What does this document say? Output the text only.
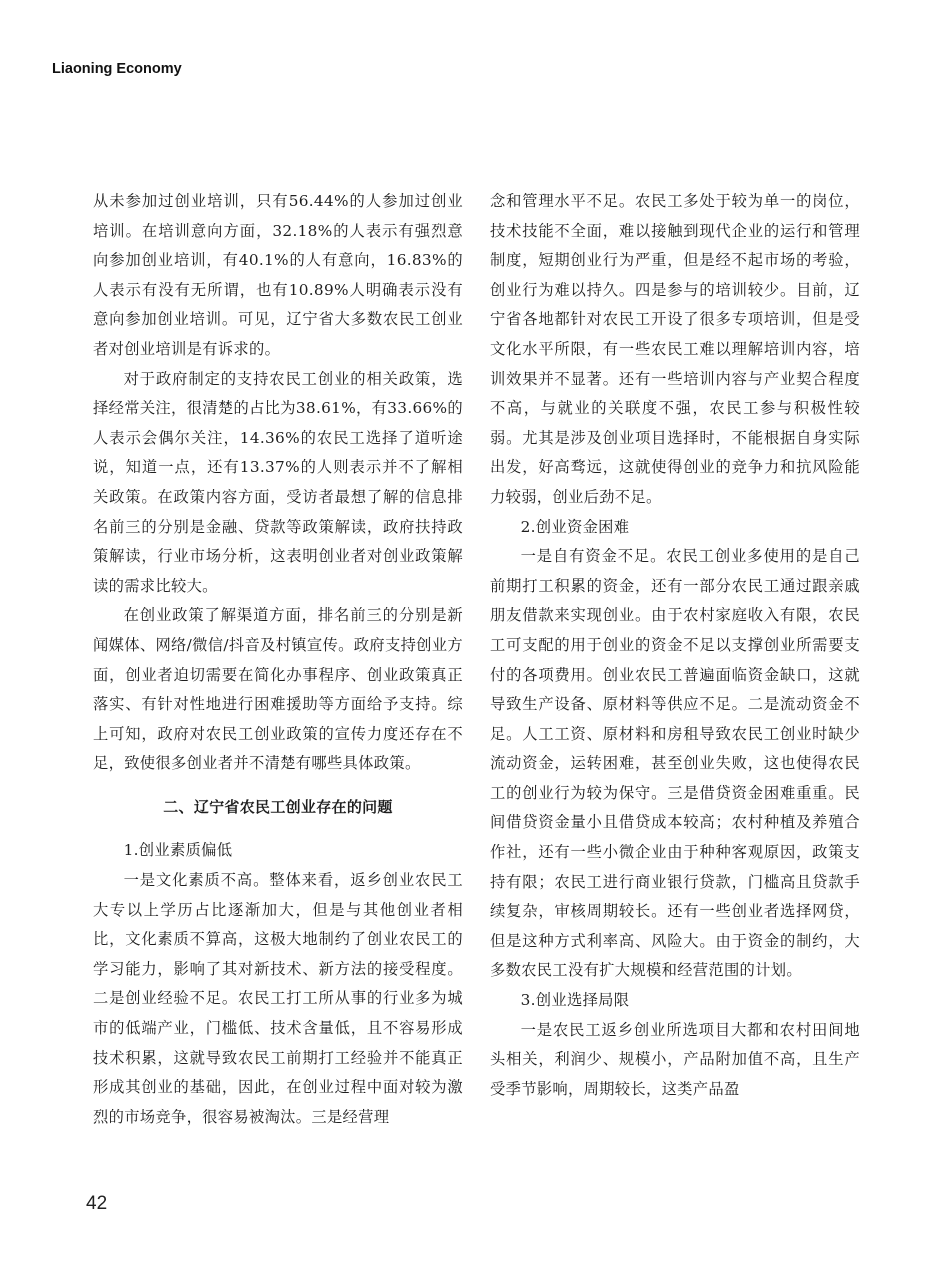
Liaoning Economy

从未参加过创业培训，只有56.44%的人参加过创业培训。在培训意向方面，32.18%的人表示有强烈意向参加创业培训，有40.1%的人有意向，16.83%的人表示有没有无所谓，也有10.89%人明确表示没有意向参加创业培训。可见，辽宁省大多数农民工创业者对创业培训是有诉求的。

对于政府制定的支持农民工创业的相关政策，选择经常关注，很清楚的占比为38.61%，有33.66%的人表示会偶尔关注，14.36%的农民工选择了道听途说，知道一点，还有13.37%的人则表示并不了解相关政策。在政策内容方面，受访者最想了解的信息排名前三的分别是金融、贷款等政策解读，政府扶持政策解读，行业市场分析，这表明创业者对创业政策解读的需求比较大。

在创业政策了解渠道方面，排名前三的分别是新闻媒体、网络/微信/抖音及村镇宣传。政府支持创业方面，创业者迫切需要在简化办事程序、创业政策真正落实、有针对性地进行困难援助等方面给予支持。综上可知，政府对农民工创业政策的宣传力度还存在不足，致使很多创业者并不清楚有哪些具体政策。

二、辽宁省农民工创业存在的问题

1.创业素质偏低

一是文化素质不高。整体来看，返乡创业农民工大专以上学历占比逐渐加大，但是与其他创业者相比，文化素质不算高，这极大地制约了创业农民工的学习能力，影响了其对新技术、新方法的接受程度。二是创业经验不足。农民工打工所从事的行业多为城市的低端产业，门槛低、技术含量低，且不容易形成技术积累，这就导致农民工前期打工经验并不能真正形成其创业的基础，因此，在创业过程中面对较为激烈的市场竞争，很容易被淘汰。三是经营理

念和管理水平不足。农民工多处于较为单一的岗位，技术技能不全面，难以接触到现代企业的运行和管理制度，短期创业行为严重，但是经不起市场的考验，创业行为难以持久。四是参与的培训较少。目前，辽宁省各地都针对农民工开设了很多专项培训，但是受文化水平所限，有一些农民工难以理解培训内容，培训效果并不显著。还有一些培训内容与产业契合程度不高，与就业的关联度不强，农民工参与积极性较弱。尤其是涉及创业项目选择时，不能根据自身实际出发，好高骛远，这就使得创业的竞争力和抗风险能力较弱，创业后劲不足。

2.创业资金困难

一是自有资金不足。农民工创业多使用的是自己前期打工积累的资金，还有一部分农民工通过跟亲戚朋友借款来实现创业。由于农村家庭收入有限，农民工可支配的用于创业的资金不足以支撑创业所需要支付的各项费用。创业农民工普遍面临资金缺口，这就导致生产设备、原材料等供应不足。二是流动资金不足。人工工资、原材料和房租导致农民工创业时缺少流动资金，运转困难，甚至创业失败，这也使得农民工的创业行为较为保守。三是借贷资金困难重重。民间借贷资金量小且借贷成本较高；农村种植及养殖合作社，还有一些小微企业由于种种客观原因，政策支持有限；农民工进行商业银行贷款，门槛高且贷款手续复杂，审核周期较长。还有一些创业者选择网贷，但是这种方式利率高、风险大。由于资金的制约，大多数农民工没有扩大规模和经营范围的计划。

3.创业选择局限

一是农民工返乡创业所选项目大都和农村田间地头相关，利润少、规模小，产品附加值不高，且生产受季节影响，周期较长，这类产品盈

42
